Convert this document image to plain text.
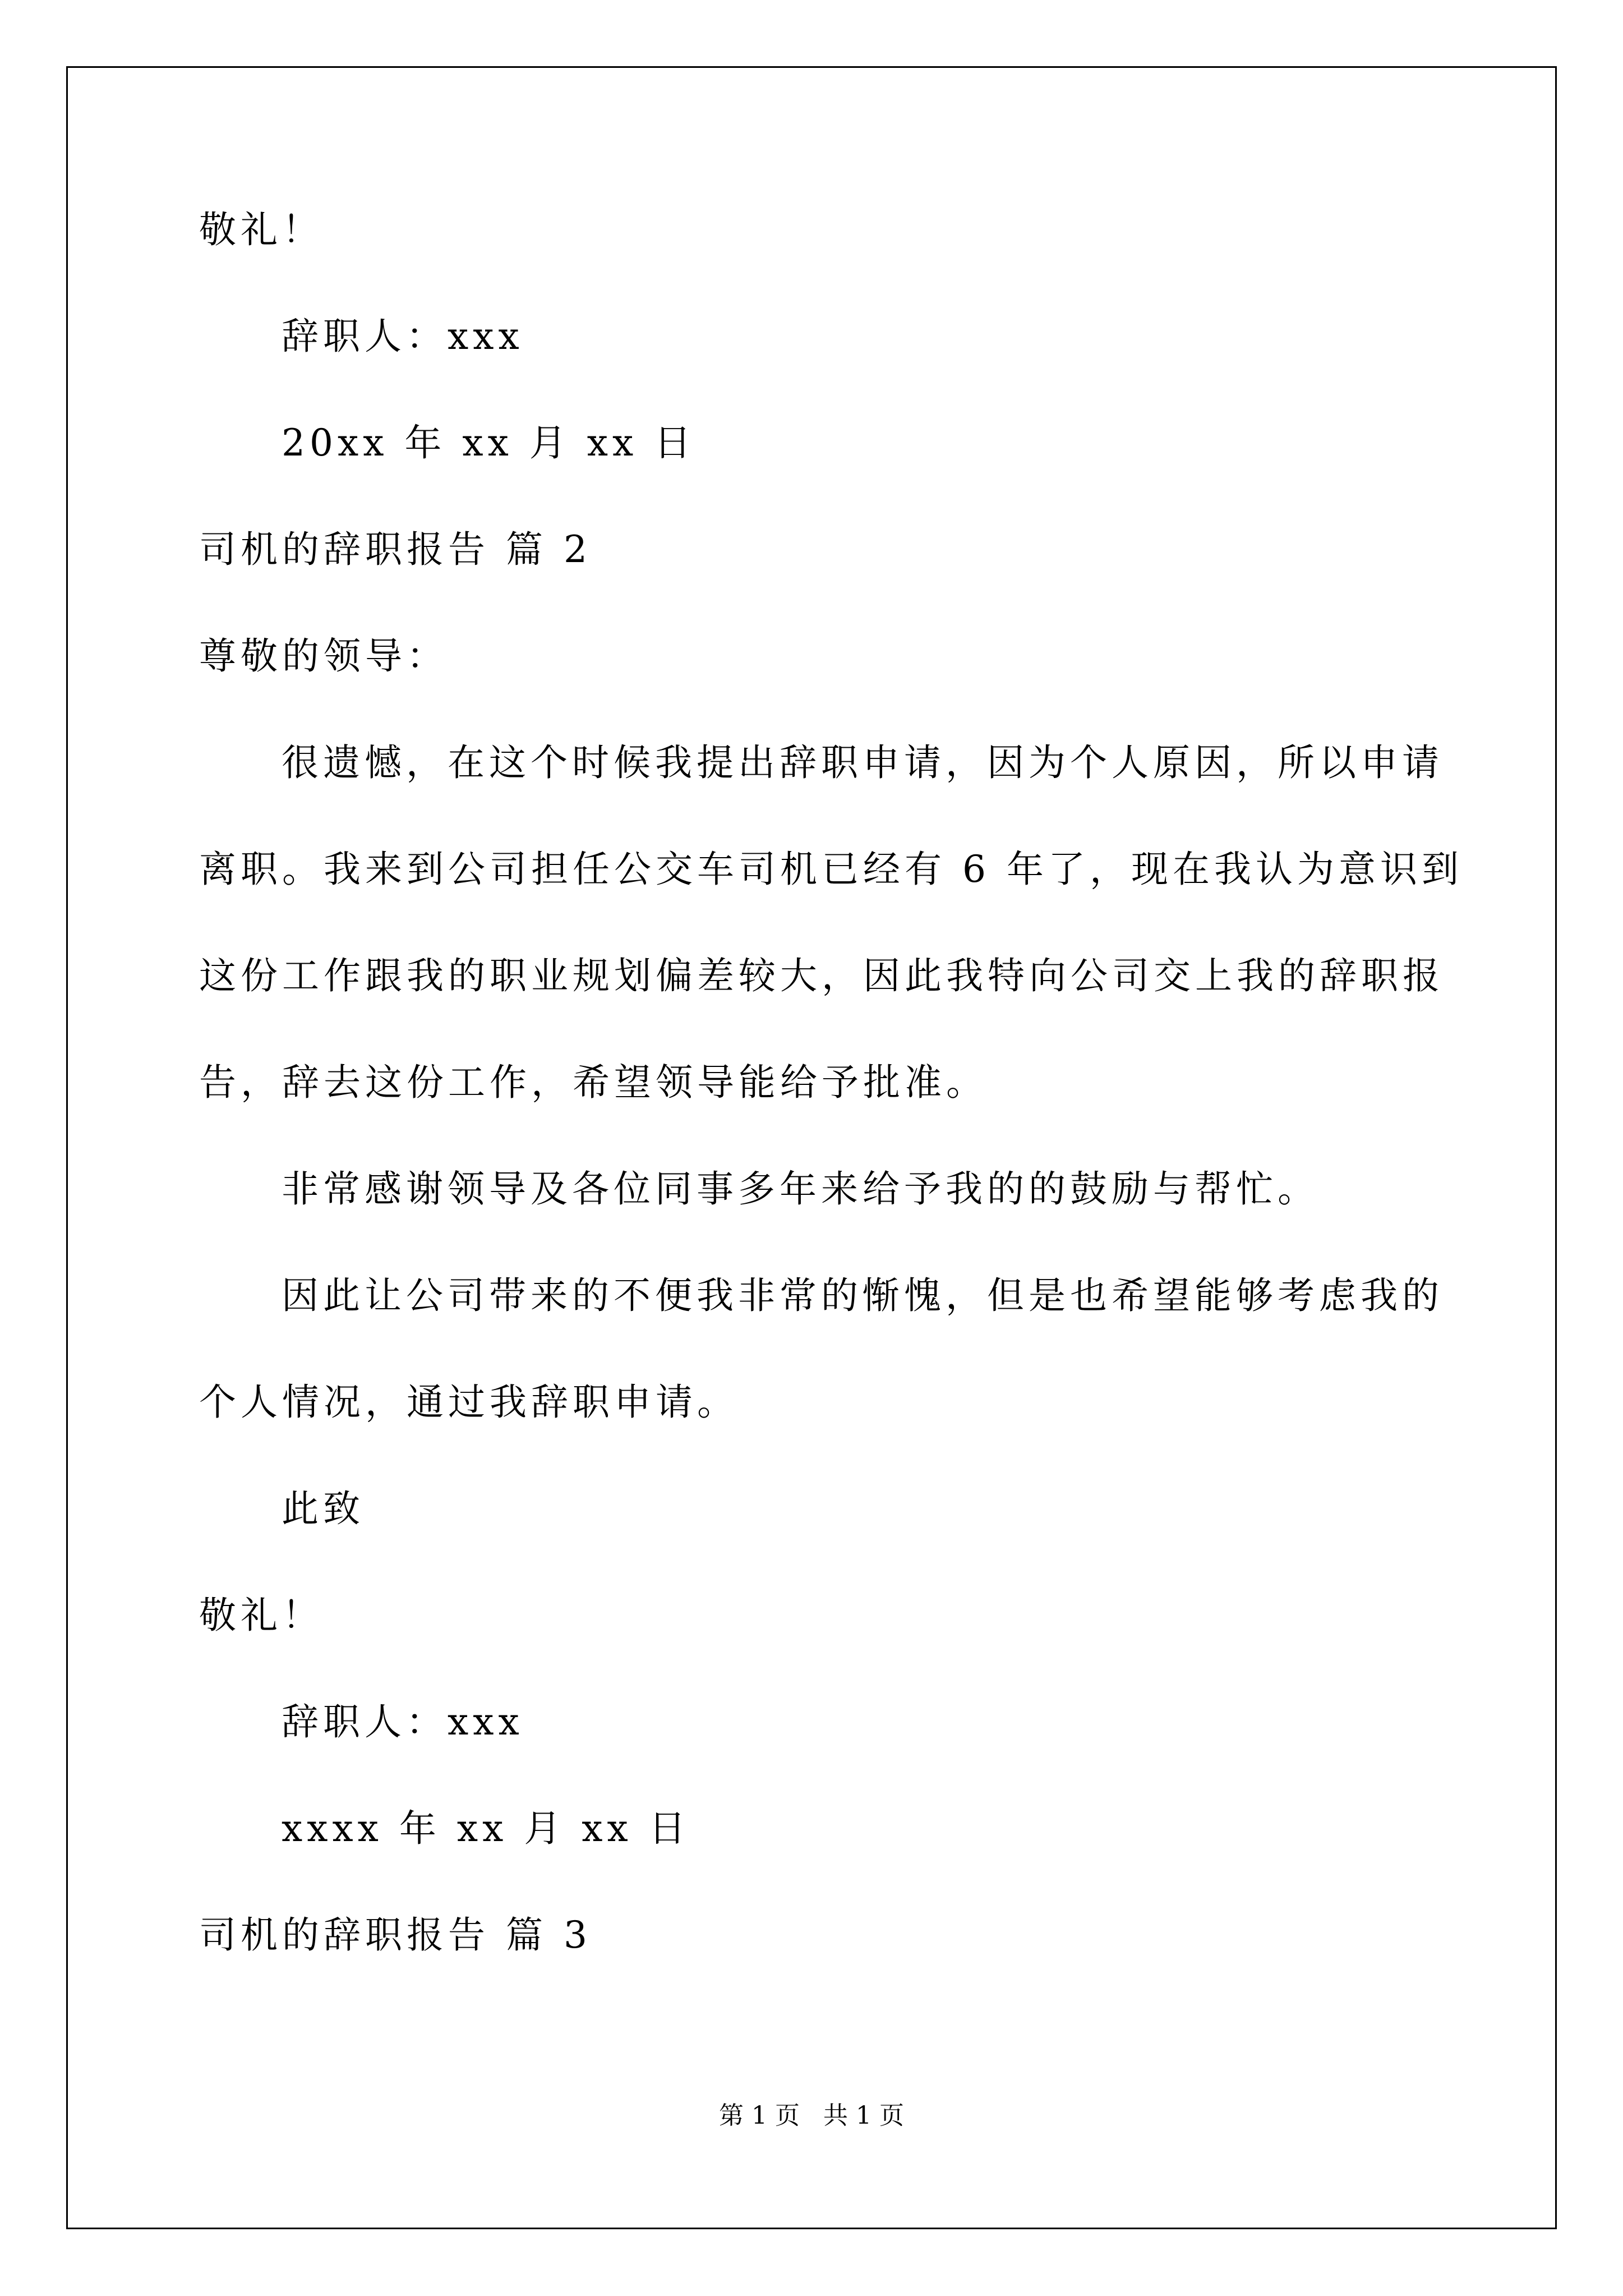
敬礼！
辞职人：xxx
20xx 年 xx 月 xx 日
司机的辞职报告 篇 2
尊敬的领导：
很遗憾，在这个时候我提出辞职申请，因为个人原因，所以申请
离职。我来到公司担任公交车司机已经有 6 年了，现在我认为意识到
这份工作跟我的职业规划偏差较大，因此我特向公司交上我的辞职报
告，辞去这份工作，希望领导能给予批准。
非常感谢领导及各位同事多年来给予我的的鼓励与帮忙。
因此让公司带来的不便我非常的惭愧，但是也希望能够考虑我的
个人情况，通过我辞职申请。
此致
敬礼！
辞职人：xxx
xxxx 年 xx 月 xx 日
司机的辞职报告 篇 3
第 1 页   共 1 页
